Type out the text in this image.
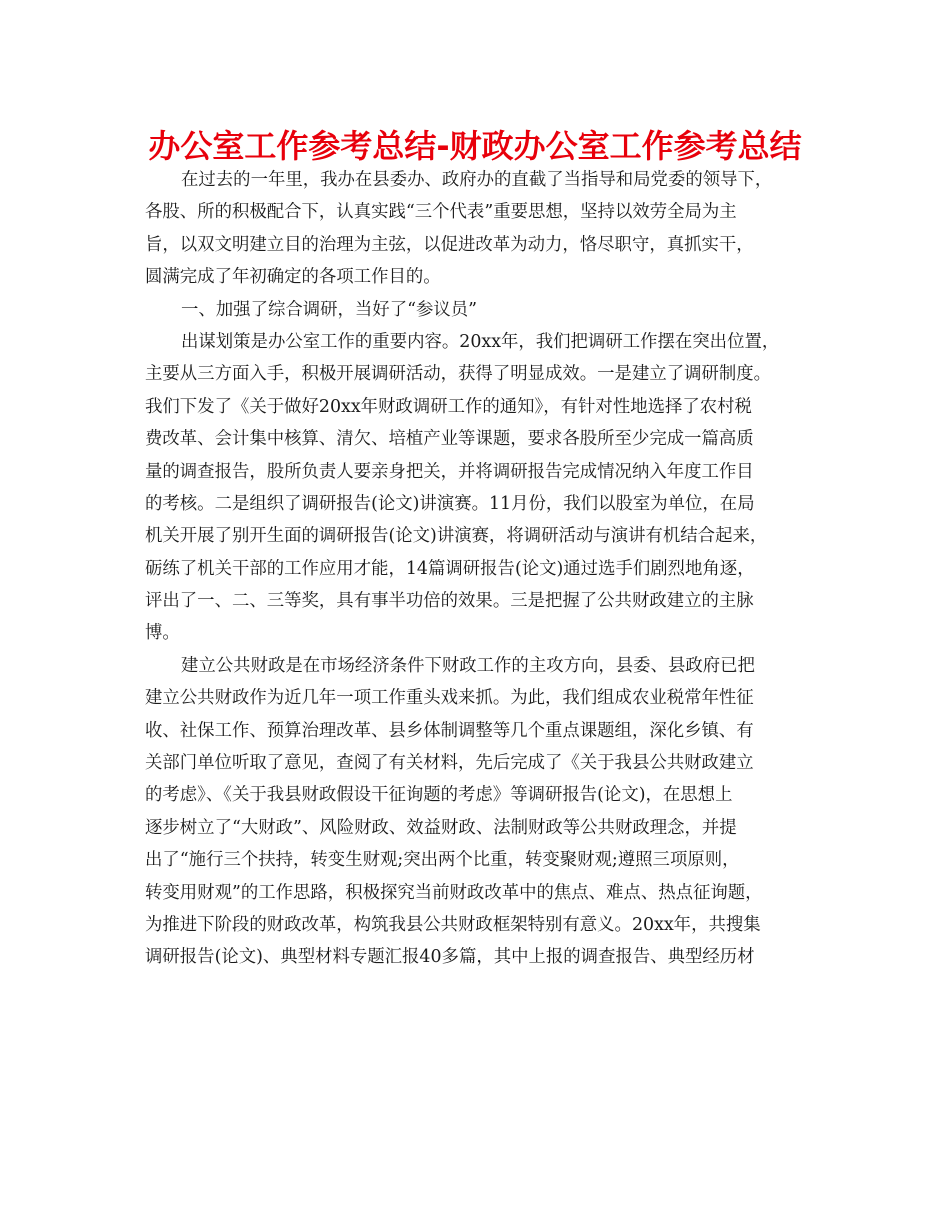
办公室工作参考总结-财政办公室工作参考总结
在过去的一年里，我办在县委办、政府办的直截了当指导和局党委的领导下，
各股、所的积极配合下，认真实践“三个代表”重要思想，坚持以效劳全局为主
旨，以双文明建立目的治理为主弦，以促进改革为动力，恪尽职守，真抓实干，
圆满完成了年初确定的各项工作目的。
一、加强了综合调研，当好了“参议员”
出谋划策是办公室工作的重要内容。20xx年，我们把调研工作摆在突出位置，
主要从三方面入手，积极开展调研活动，获得了明显成效。一是建立了调研制度。
我们下发了《关于做好20xx年财政调研工作的通知》，有针对性地选择了农村税
费改革、会计集中核算、清欠、培植产业等课题，要求各股所至少完成一篇高质
量的调查报告，股所负责人要亲身把关，并将调研报告完成情况纳入年度工作目
的考核。二是组织了调研报告(论文)讲演赛。11月份，我们以股室为单位，在局
机关开展了别开生面的调研报告(论文)讲演赛，将调研活动与演讲有机结合起来，
砺练了机关干部的工作应用才能，14篇调研报告(论文)通过选手们剧烈地角逐，
评出了一、二、三等奖，具有事半功倍的效果。三是把握了公共财政建立的主脉
博。
建立公共财政是在市场经济条件下财政工作的主攻方向，县委、县政府已把
建立公共财政作为近几年一项工作重头戏来抓。为此，我们组成农业税常年性征
收、社保工作、预算治理改革、县乡体制调整等几个重点课题组，深化乡镇、有
关部门单位听取了意见，查阅了有关材料，先后完成了《关于我县公共财政建立
的考虑》、《关于我县财政假设干征询题的考虑》等调研报告(论文)，在思想上
逐步树立了“大财政”、风险财政、效益财政、法制财政等公共财政理念，并提
出了“施行三个扶持，转变生财观;突出两个比重，转变聚财观;遵照三项原则，
转变用财观”的工作思路，积极探究当前财政改革中的焦点、难点、热点征询题，
为推进下阶段的财政改革，构筑我县公共财政框架特别有意义。20xx年，共搜集
调研报告(论文)、典型材料专题汇报40多篇，其中上报的调查报告、典型经历材
